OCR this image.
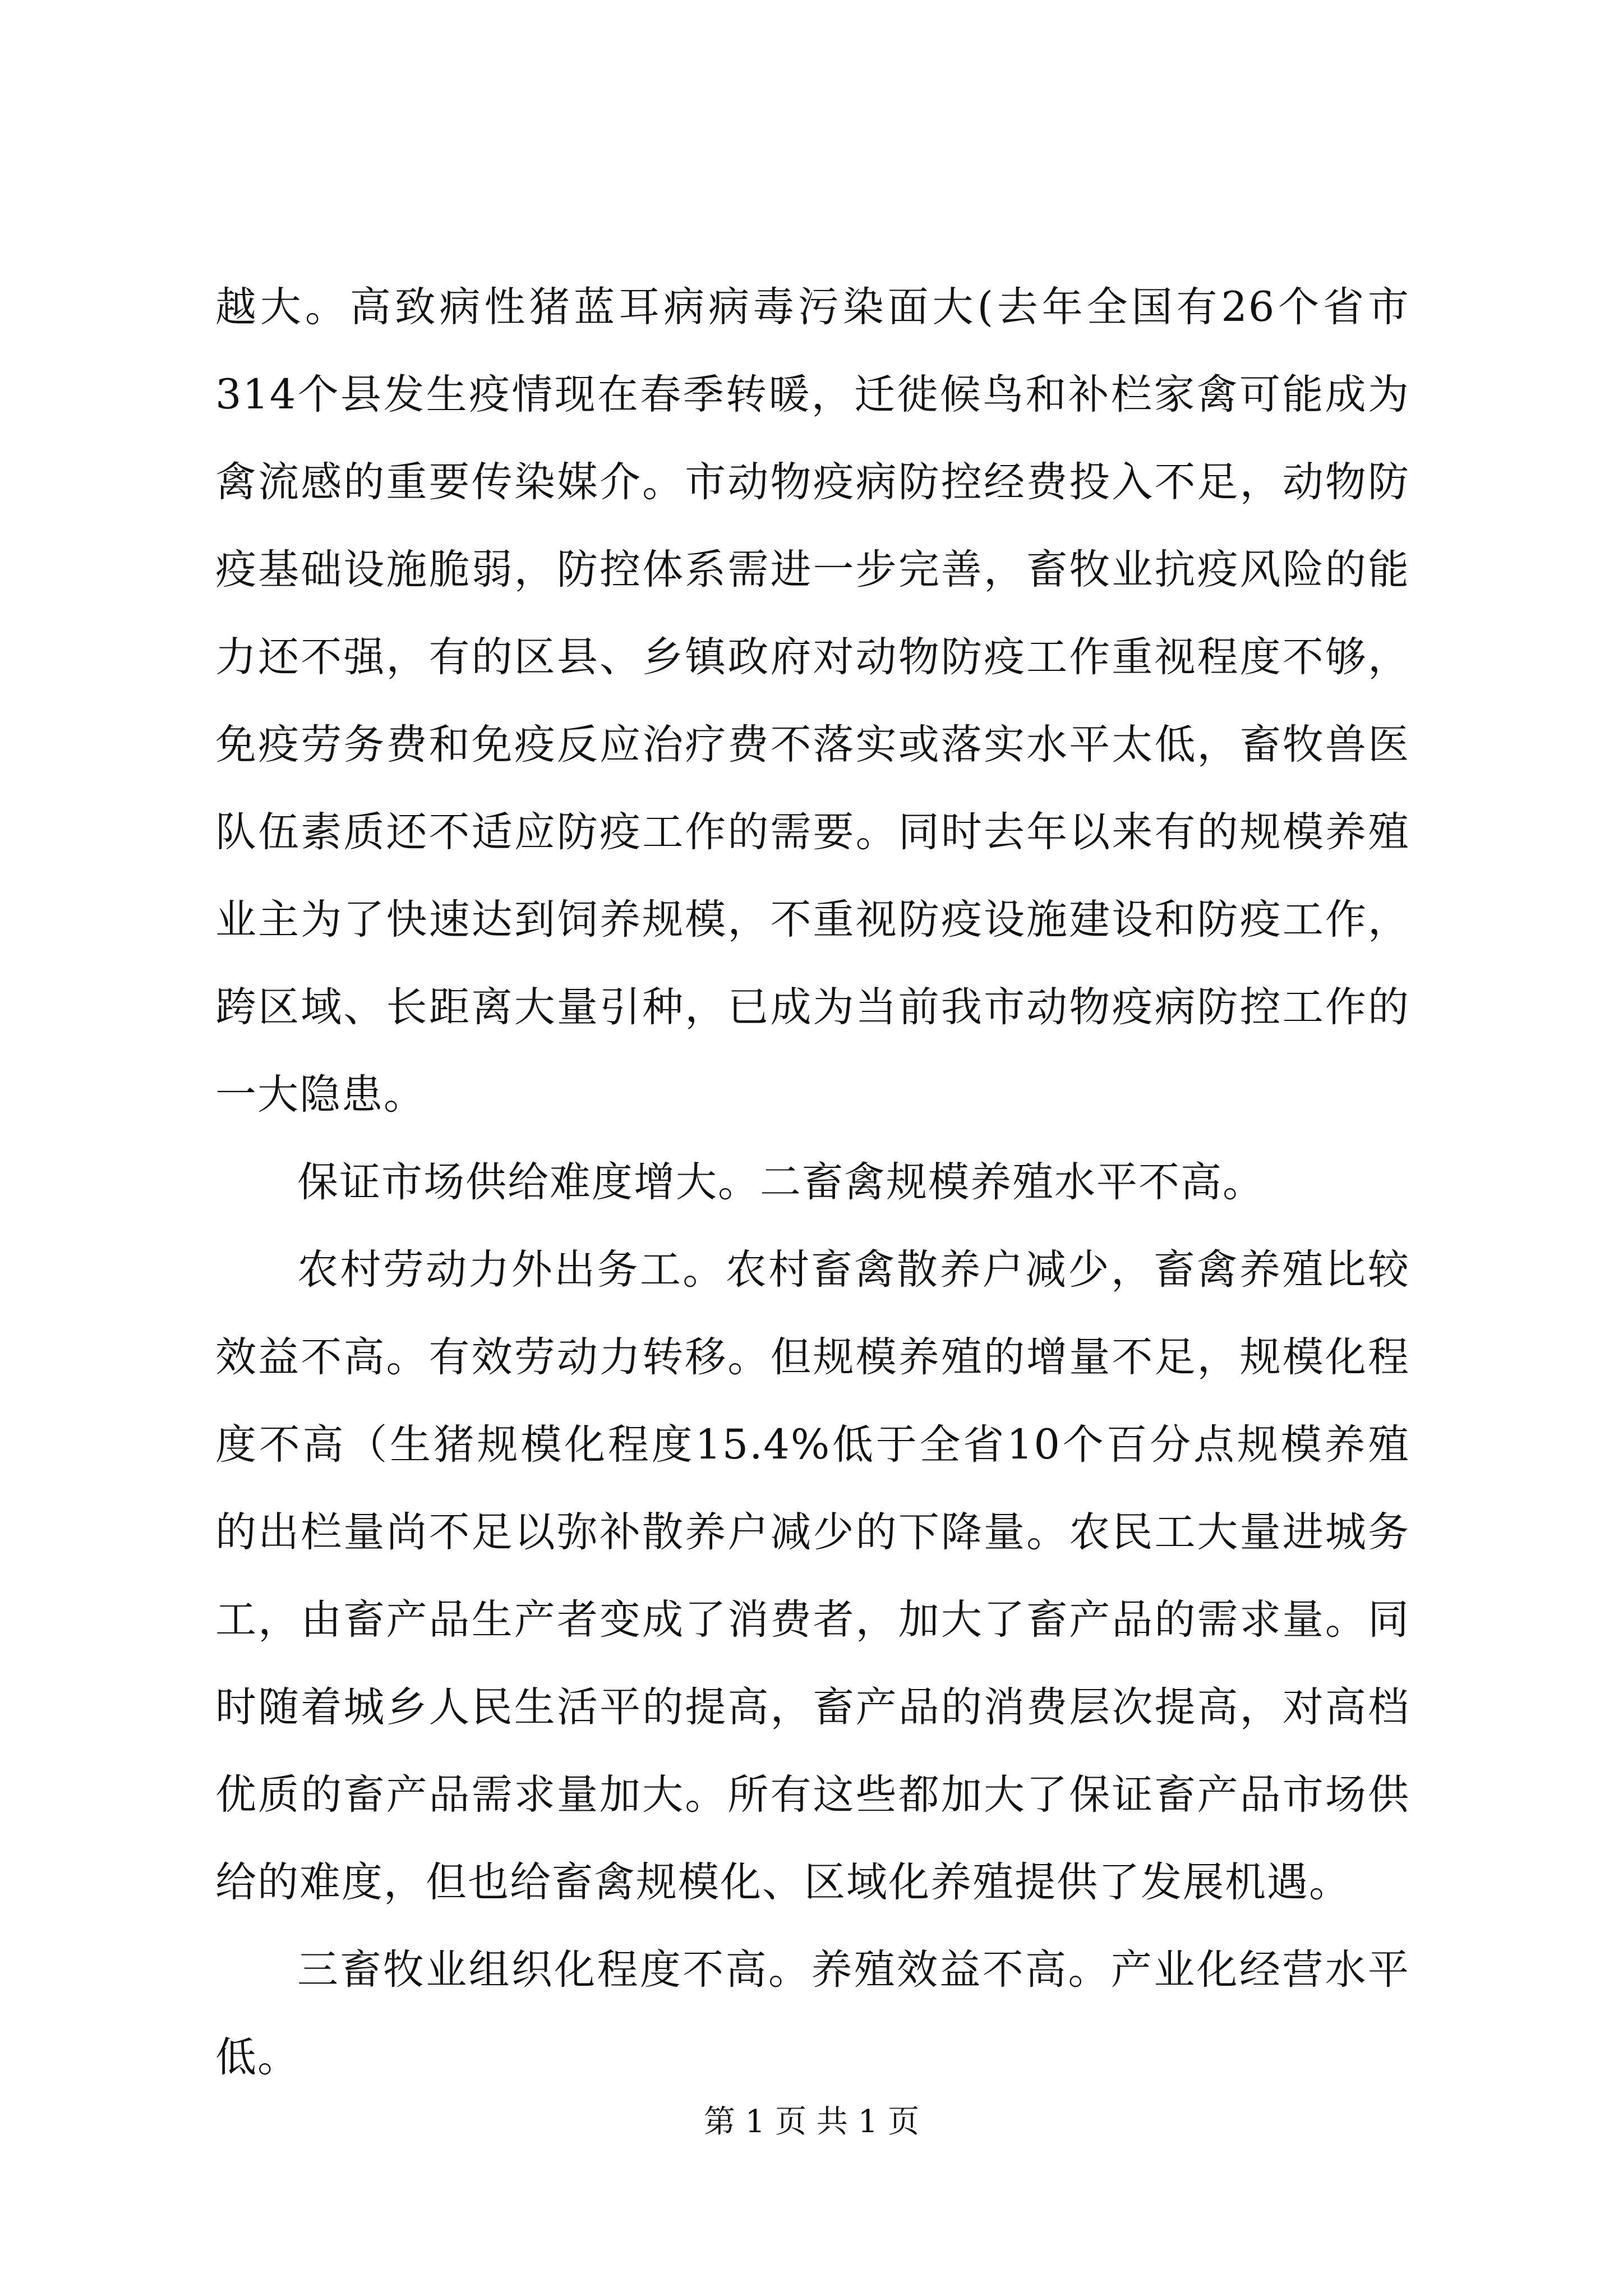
越大。高致病性猪蓝耳病病毒污染面大(去年全国有26个省市314个县发生疫情现在春季转暖，迁徙候鸟和补栏家禽可能成为禽流感的重要传染媒介。市动物疫病防控经费投入不足，动物防疫基础设施脆弱，防控体系需进一步完善，畜牧业抗疫风险的能力还不强，有的区县、乡镇政府对动物防疫工作重视程度不够，免疫劳务费和免疫反应治疗费不落实或落实水平太低，畜牧兽医队伍素质还不适应防疫工作的需要。同时去年以来有的规模养殖业主为了快速达到饲养规模，不重视防疫设施建设和防疫工作，跨区域、长距离大量引种，已成为当前我市动物疫病防控工作的一大隐患。

保证市场供给难度增大。二畜禽规模养殖水平不高。

农村劳动力外出务工。农村畜禽散养户减少，畜禽养殖比较效益不高。有效劳动力转移。但规模养殖的增量不足，规模化程度不高（生猪规模化程度15.4%低于全省10个百分点规模养殖的出栏量尚不足以弥补散养户减少的下降量。农民工大量进城务工，由畜产品生产者变成了消费者，加大了畜产品的需求量。同时随着城乡人民生活平的提高，畜产品的消费层次提高，对高档优质的畜产品需求量加大。所有这些都加大了保证畜产品市场供给的难度，但也给畜禽规模化、区域化养殖提供了发展机遇。

三畜牧业组织化程度不高。养殖效益不高。产业化经营水平低。

第 1 页 共 1 页
